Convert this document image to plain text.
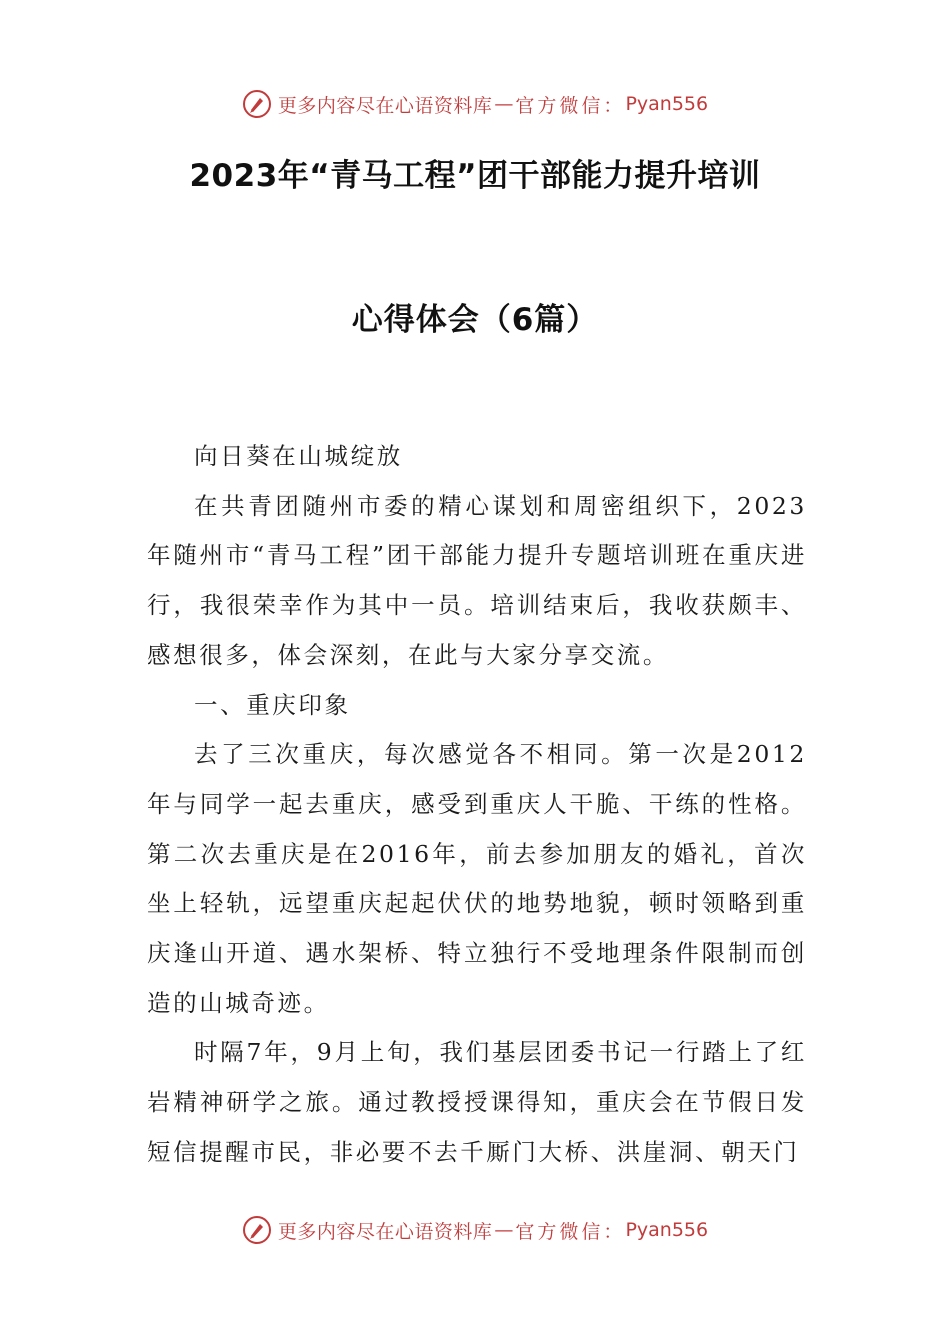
更多内容尽在心语资料库 — 官方微信： Pyan556
2023年“青马工程”团干部能力提升培训
心得体会（6篇）

向日葵在山城绽放

在共青团随州市委的精心谋划和周密组织下，2023年随州市“青马工程”团干部能力提升专题培训班在重庆进行，我很荣幸作为其中一员。培训结束后，我收获颇丰、感想很多，体会深刻，在此与大家分享交流。

一、重庆印象

去了三次重庆，每次感觉各不相同。第一次是2012年与同学一起去重庆，感受到重庆人干脆、干练的性格。第二次去重庆是在2016年，前去参加朋友的婚礼，首次坐上轻轨，远望重庆起起伏伏的地势地貌，顿时领略到重庆逢山开道、遇水架桥、特立独行不受地理条件限制而创造的山城奇迹。

时隔7年，9月上旬，我们基层团委书记一行踏上了红岩精神研学之旅。通过教授授课得知，重庆会在节假日发短信提醒市民，非必要不去千厮门大桥、洪崖洞、朝天门

更多内容尽在心语资料库 — 官方微信： Pyan556
